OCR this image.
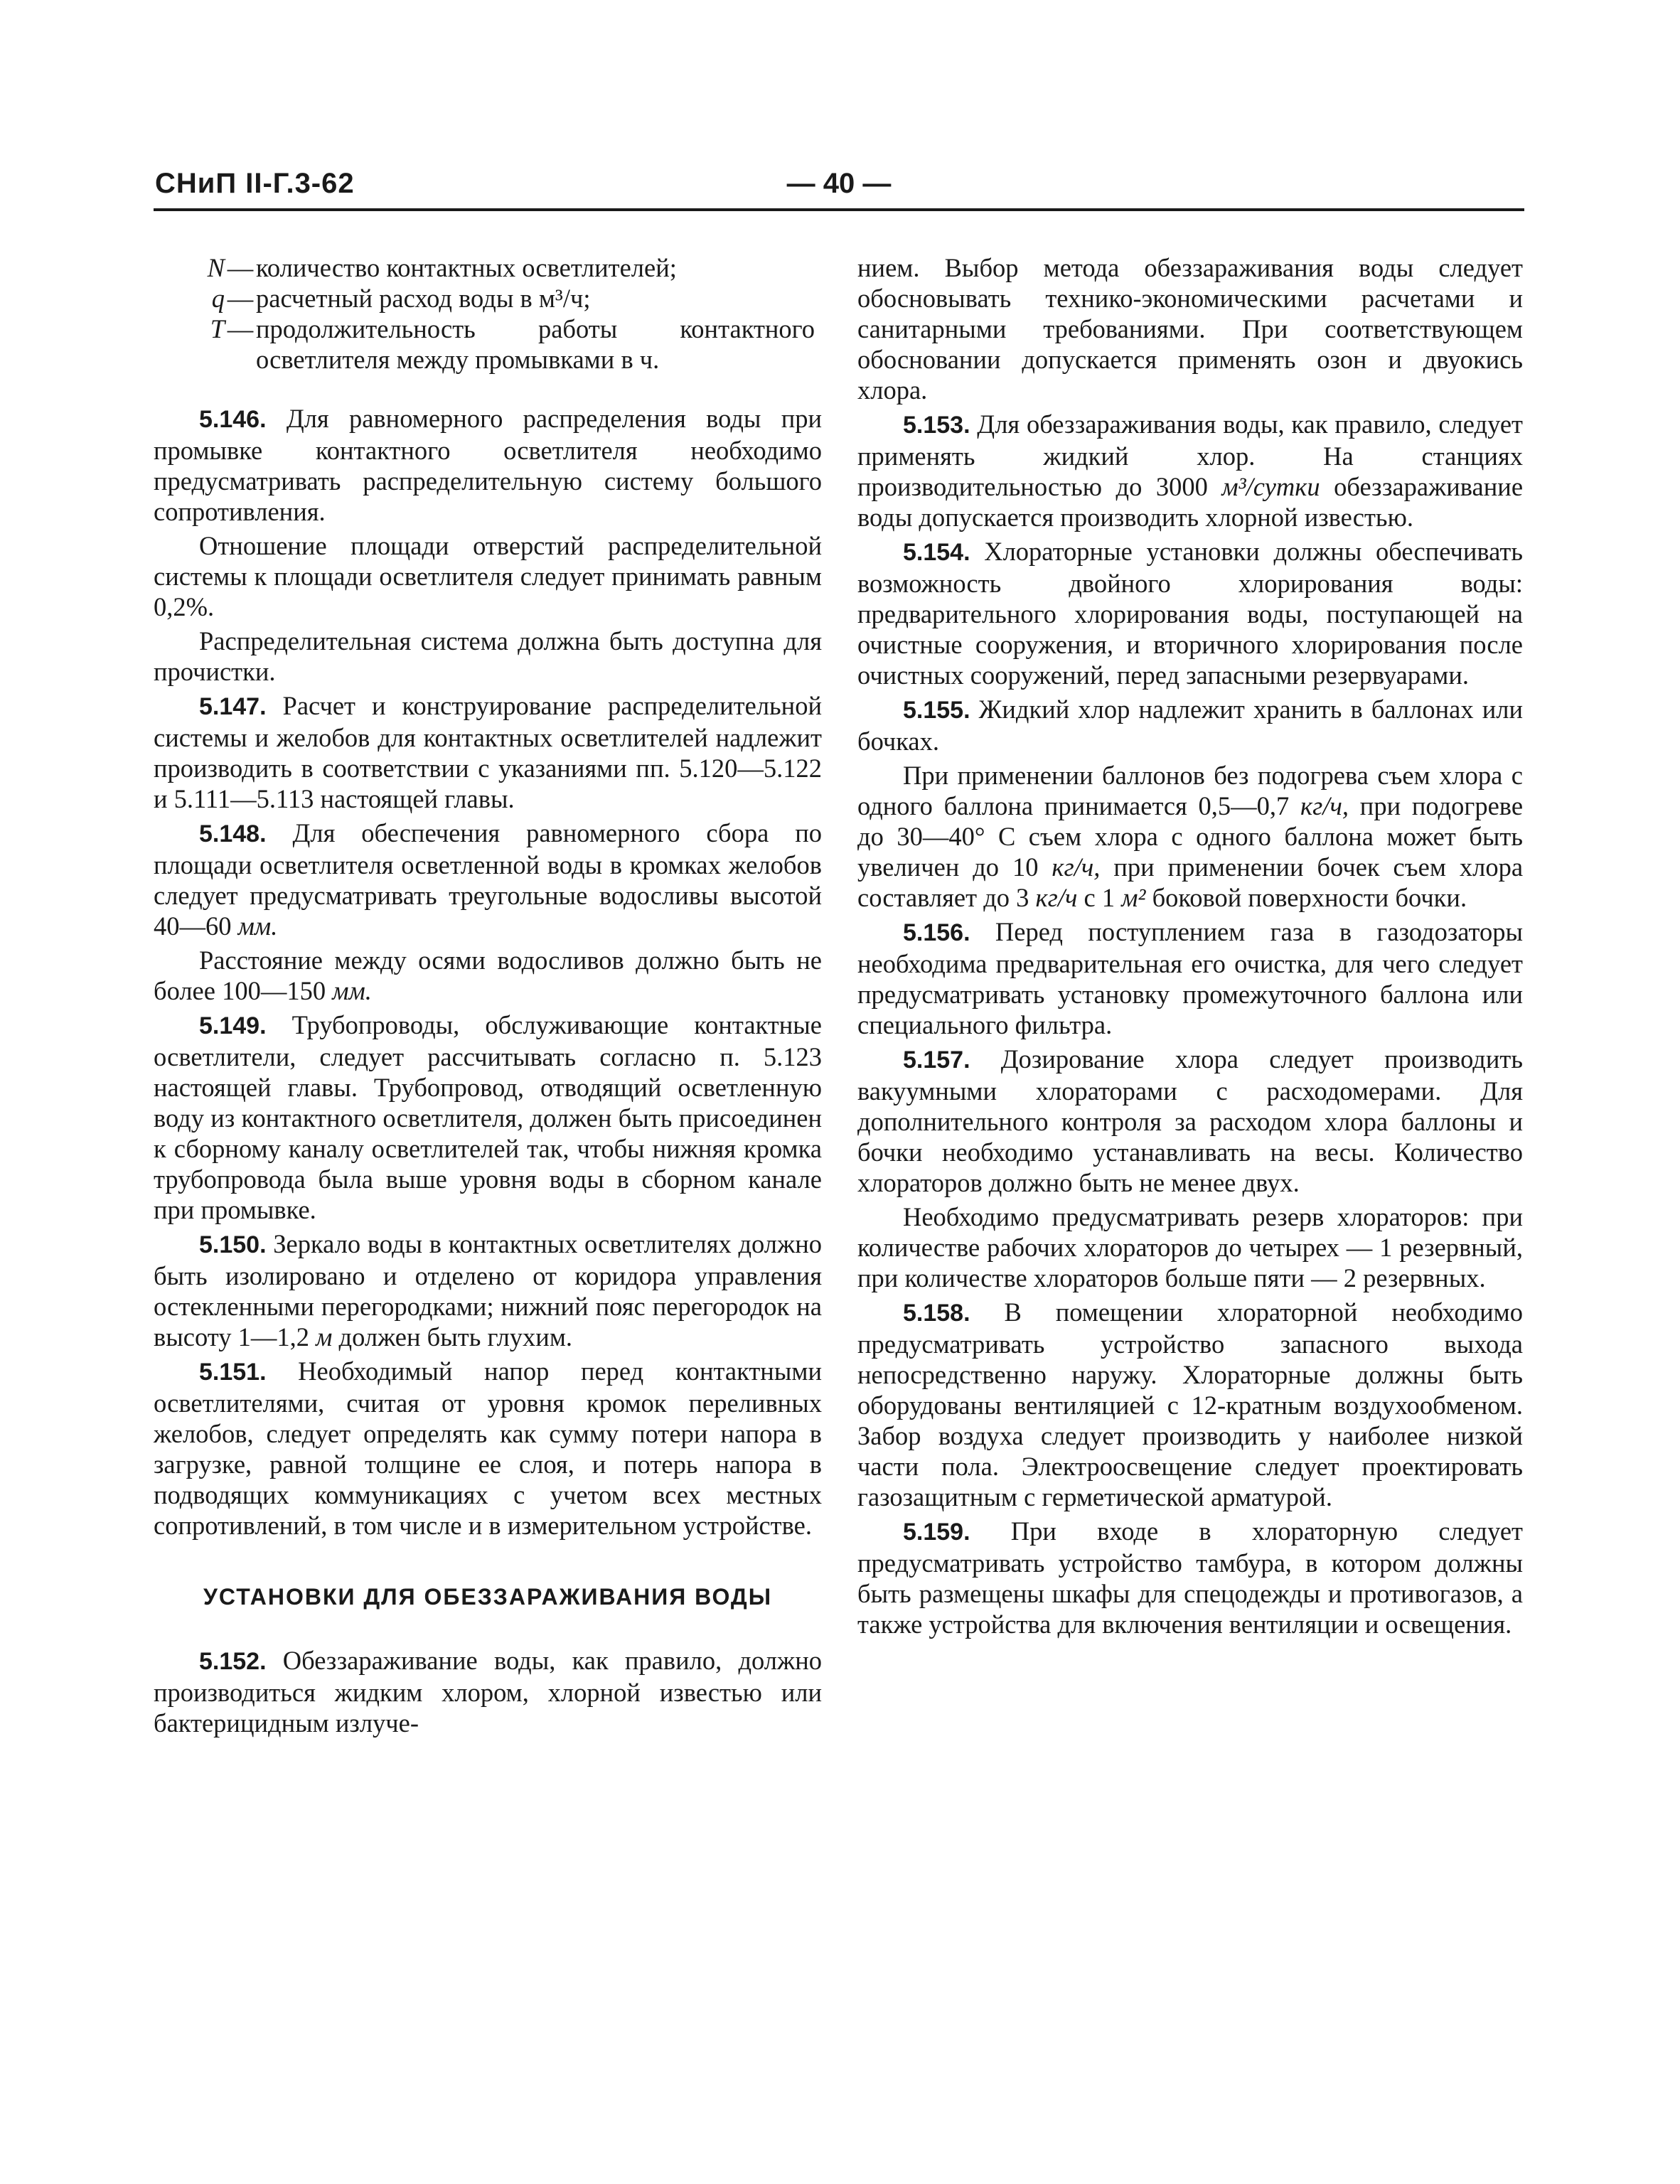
СНиП II-Г.3-62	— 40 —
N — количество контактных осветлителей;
q — расчетный расход воды в м³/ч;
T — продолжительность работы контактного осветлителя между промывками в ч.

5.146. Для равномерного распределения воды при промывке контактного осветлителя необходимо предусматривать распределительную систему большого сопротивления.

Отношение площади отверстий распределительной системы к площади осветлителя следует принимать равным 0,2%.

Распределительная система должна быть доступна для прочистки.

5.147. Расчет и конструирование распределительной системы и желобов для контактных осветлителей надлежит производить в соответствии с указаниями пп. 5.120—5.122 и 5.111—5.113 настоящей главы.

5.148. Для обеспечения равномерного сбора по площади осветлителя осветленной воды в кромках желобов следует предусматривать треугольные водосливы высотой 40—60 мм.

Расстояние между осями водосливов должно быть не более 100—150 мм.

5.149. Трубопроводы, обслуживающие контактные осветлители, следует рассчитывать согласно п. 5.123 настоящей главы. Трубопровод, отводящий осветленную воду из контактного осветлителя, должен быть присоединен к сборному каналу осветлителей так, чтобы нижняя кромка трубопровода была выше уровня воды в сборном канале при промывке.

5.150. Зеркало воды в контактных осветлителях должно быть изолировано и отделено от коридора управления остекленными перегородками; нижний пояс перегородок на высоту 1—1,2 м должен быть глухим.

5.151. Необходимый напор перед контактными осветлителями, считая от уровня кромок переливных желобов, следует определять как сумму потери напора в загрузке, равной толщине ее слоя, и потерь напора в подводящих коммуникациях с учетом всех местных сопротивлений, в том числе и в измерительном устройстве.

УСТАНОВКИ ДЛЯ ОБЕЗЗАРАЖИВАНИЯ ВОДЫ

5.152. Обеззараживание воды, как правило, должно производиться жидким хлором, хлорной известью или бактерицидным излуче-

нием. Выбор метода обеззараживания воды следует обосновывать технико-экономическими расчетами и санитарными требованиями. При соответствующем обосновании допускается применять озон и двуокись хлора.

5.153. Для обеззараживания воды, как правило, следует применять жидкий хлор. На станциях производительностью до 3000 м³/сутки обеззараживание воды допускается производить хлорной известью.

5.154. Хлораторные установки должны обеспечивать возможность двойного хлорирования воды: предварительного хлорирования воды, поступающей на очистные сооружения, и вторичного хлорирования после очистных сооружений, перед запасными резервуарами.

5.155. Жидкий хлор надлежит хранить в баллонах или бочках.

При применении баллонов без подогрева съем хлора с одного баллона принимается 0,5—0,7 кг/ч, при подогреве до 30—40° С съем хлора с одного баллона может быть увеличен до 10 кг/ч, при применении бочек съем хлора составляет до 3 кг/ч с 1 м² боковой поверхности бочки.

5.156. Перед поступлением газа в газодозаторы необходима предварительная его очистка, для чего следует предусматривать установку промежуточного баллона или специального фильтра.

5.157. Дозирование хлора следует производить вакуумными хлораторами с расходомерами. Для дополнительного контроля за расходом хлора баллоны и бочки необходимо устанавливать на весы. Количество хлораторов должно быть не менее двух.

Необходимо предусматривать резерв хлораторов: при количестве рабочих хлораторов до четырех — 1 резервный, при количестве хлораторов больше пяти — 2 резервных.

5.158. В помещении хлораторной необходимо предусматривать устройство запасного выхода непосредственно наружу. Хлораторные должны быть оборудованы вентиляцией с 12-кратным воздухообменом. Забор воздуха следует производить у наиболее низкой части пола. Электроосвещение следует проектировать газозащитным с герметической арматурой.

5.159. При входе в хлораторную следует предусматривать устройство тамбура, в котором должны быть размещены шкафы для спецодежды и противогазов, а также устройства для включения вентиляции и освещения.
